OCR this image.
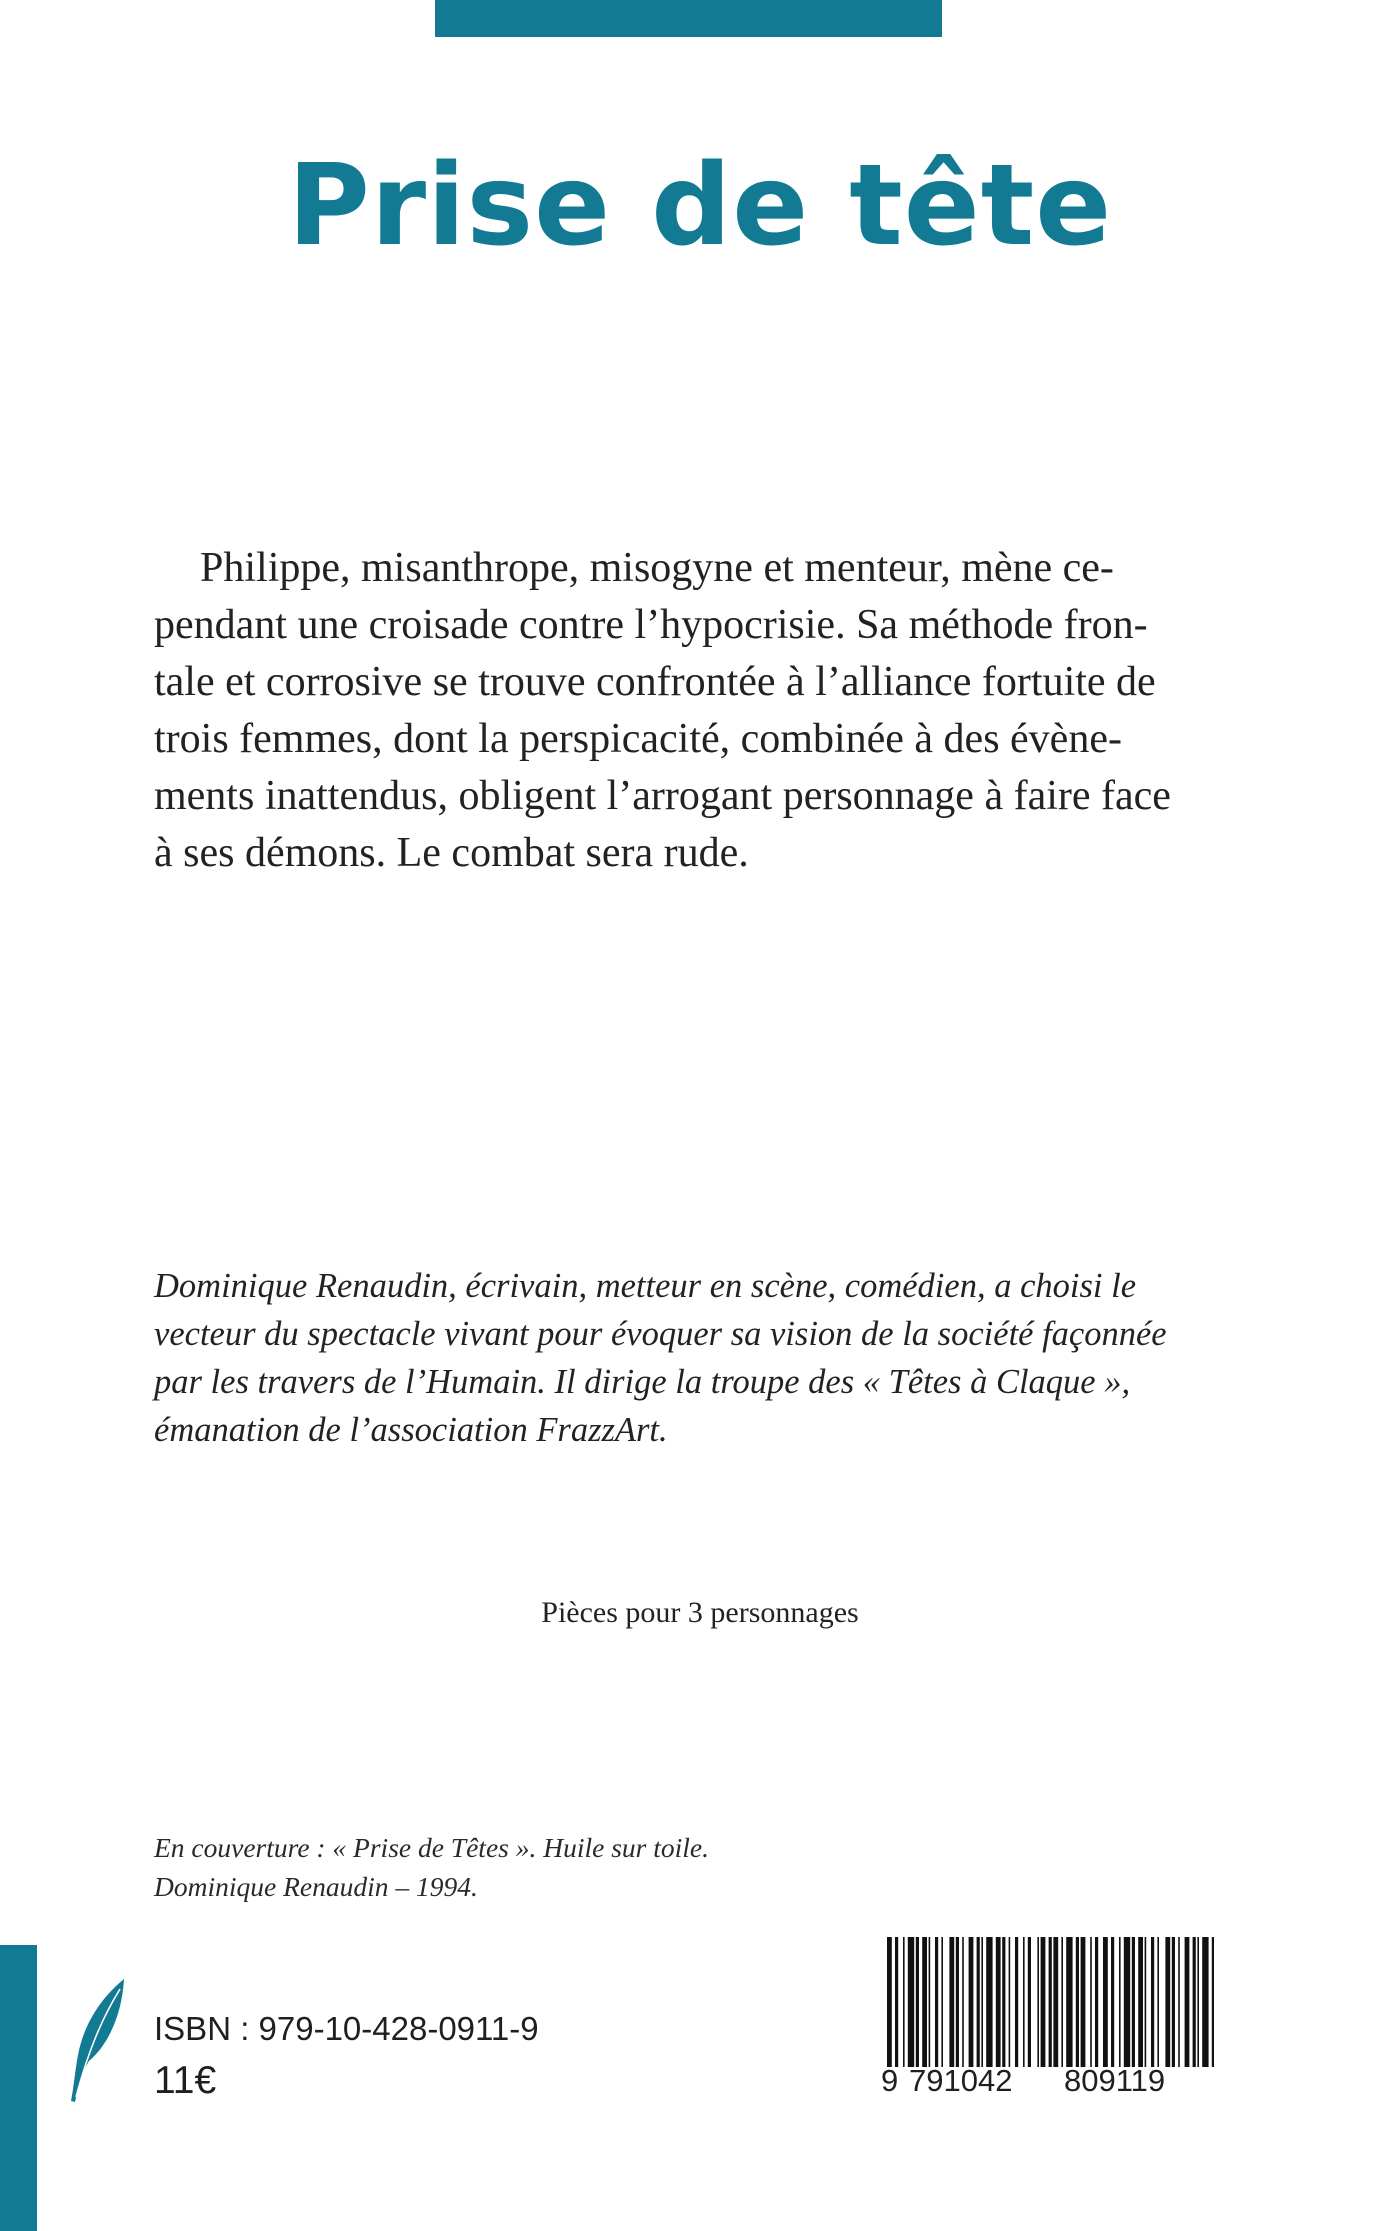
Prise de tête
Philippe, misanthrope, misogyne et menteur, mène ce-
pendant une croisade contre l’hypocrisie. Sa méthode fron-
tale et corrosive se trouve confrontée à l’alliance fortuite de
trois femmes, dont la perspicacité, combinée à des évène-
ments inattendus, obligent l’arrogant personnage à faire face
à ses démons. Le combat sera rude.
Dominique Renaudin, écrivain, metteur en scène, comédien, a choisi le
vecteur du spectacle vivant pour évoquer sa vision de la société façonnée
par les travers de l’Humain. Il dirige la troupe des « Têtes à Claque »,
émanation de l’association FrazzArt.
Pièces pour 3 personnages
En couverture : « Prise de Têtes ». Huile sur toile.
Dominique Renaudin – 1994.
ISBN : 979-10-428-0911-9
11€	9 791042 809119
